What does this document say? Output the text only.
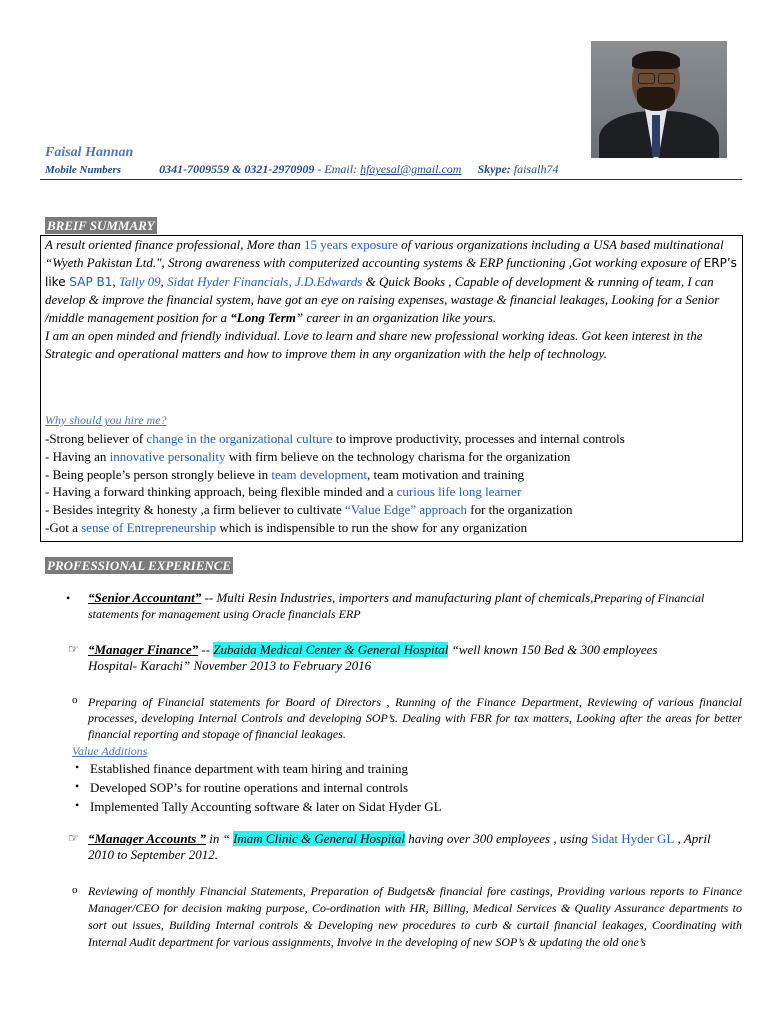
Faisal Hannan
Mobile Numbers	0341-7009559 & 0321-2970909 - Email: hfayesal@gmail.com Skype: faisalh74
BREIF SUMMARY
A result oriented finance professional, More than 15 years exposure of various organizations including a USA based multinational “Wyeth Pakistan Ltd.", Strong awareness with computerized accounting systems & ERP functioning ,Got working exposure of ERP’s like SAP B1, Tally 09, Sidat Hyder Financials, J.D.Edwards & Quick Books , Capable of development & running of team, I can develop & improve the financial system, have got an eye on raising expenses, wastage & financial leakages, Looking for a Senior /middle management position for a “Long Term” career in an organization like yours.
I am an open minded and friendly individual. Love to learn and share new professional working ideas. Got keen interest in the Strategic and operational matters and how to improve them in any organization with the help of technology.
Why should you hire me?
-Strong believer of change in the organizational culture to improve productivity, processes and internal controls
- Having an innovative personality with firm believe on the technology charisma for the organization
- Being people’s person strongly believe in team development, team motivation and training
- Having a forward thinking approach, being flexible minded and a curious life long learner
- Besides integrity & honesty ,a firm believer to cultivate “Value Edge” approach for the organization
-Got a sense of Entrepreneurship which is indispensible to run the show for any organization
PROFESSIONAL EXPERIENCE
• “Senior Accountant” -- Multi Resin Industries, importers and manufacturing plant of chemicals,Preparing of Financial statements for management using Oracle financials ERP
☞ “Manager Finance” -- Zubaida Medical Center & General Hospital “well known 150 Bed & 300 employees Hospital- Karachi” November 2013 to February 2016
o Preparing of Financial statements for Board of Directors , Running of the Finance Department, Reviewing of various financial processes, developing Internal Controls and developing SOP’s. Dealing with FBR for tax matters, Looking after the areas for better financial reporting and stopage of financial leakages.
Value Additions
• Established finance department with team hiring and training
• Developed SOP’s for routine operations and internal controls
• Implemented Tally Accounting software & later on Sidat Hyder GL
☞ “Manager Accounts ” in “ Imam Clinic & General Hospital having over 300 employees , using Sidat Hyder GL , April 2010 to September 2012.
o Reviewing of monthly Financial Statements, Preparation of Budgets& financial fore castings, Providing various reports to Finance Manager/CEO for decision making purpose, Co-ordination with HR, Billing, Medical Services & Quality Assurance departments to sort out issues, Building Internal controls & Developing new procedures to curb & curtail financial leakages, Coordinating with Internal Audit department for various assignments, Involve in the developing of new SOP’s & updating the old one’s
